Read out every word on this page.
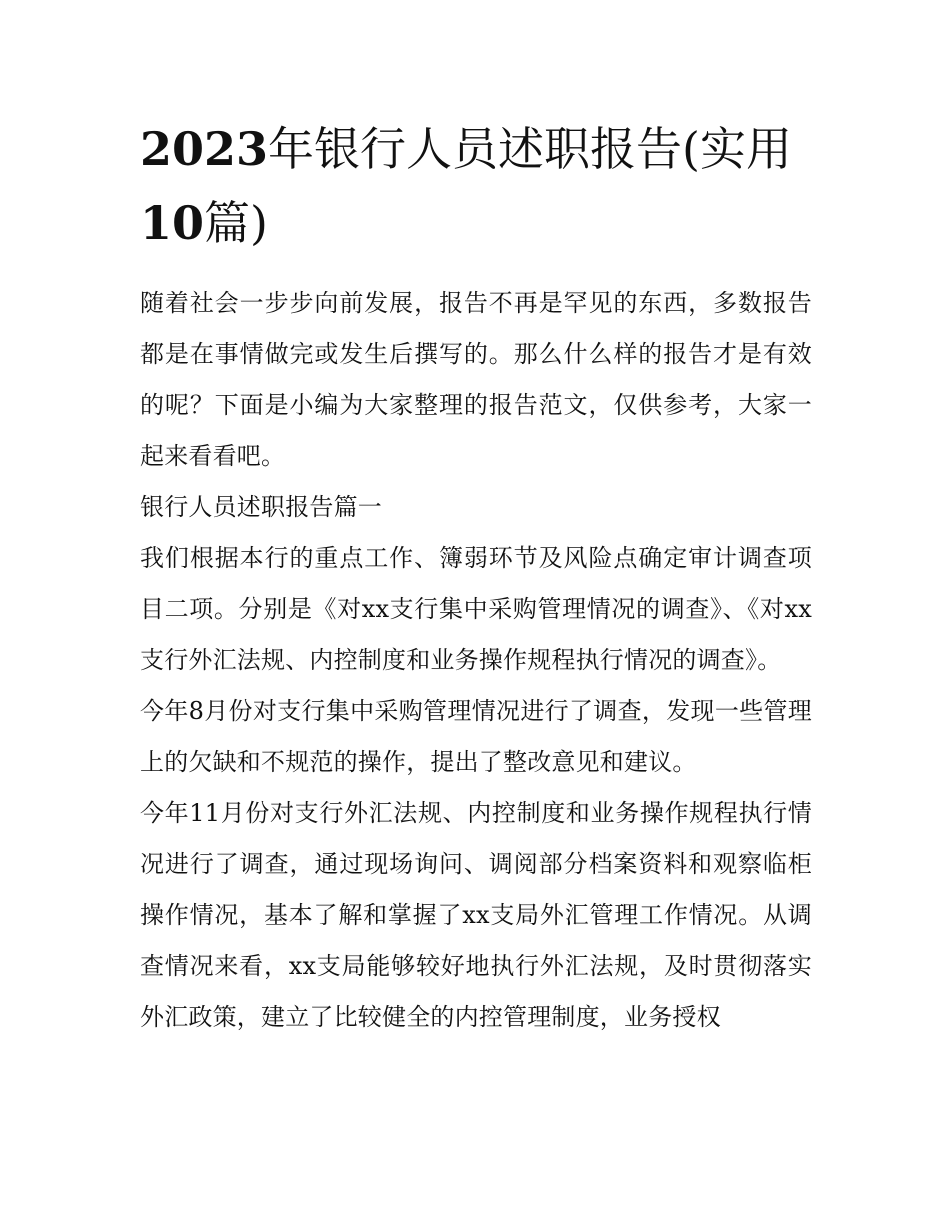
2023年银行人员述职报告(实用10篇)

随着社会一步步向前发展，报告不再是罕见的东西，多数报告都是在事情做完或发生后撰写的。那么什么样的报告才是有效的呢？下面是小编为大家整理的报告范文，仅供参考，大家一起来看看吧。

银行人员述职报告篇一

我们根据本行的重点工作、簿弱环节及风险点确定审计调查项目二项。分别是《对xx支行集中采购管理情况的调查》、《对xx支行外汇法规、内控制度和业务操作规程执行情况的调查》。

今年8月份对支行集中采购管理情况进行了调查，发现一些管理上的欠缺和不规范的操作，提出了整改意见和建议。

今年11月份对支行外汇法规、内控制度和业务操作规程执行情况进行了调查，通过现场询问、调阅部分档案资料和观察临柜操作情况，基本了解和掌握了xx支局外汇管理工作情况。从调查情况来看，xx支局能够较好地执行外汇法规，及时贯彻落实外汇政策，建立了比较健全的内控管理制度，业务授权
